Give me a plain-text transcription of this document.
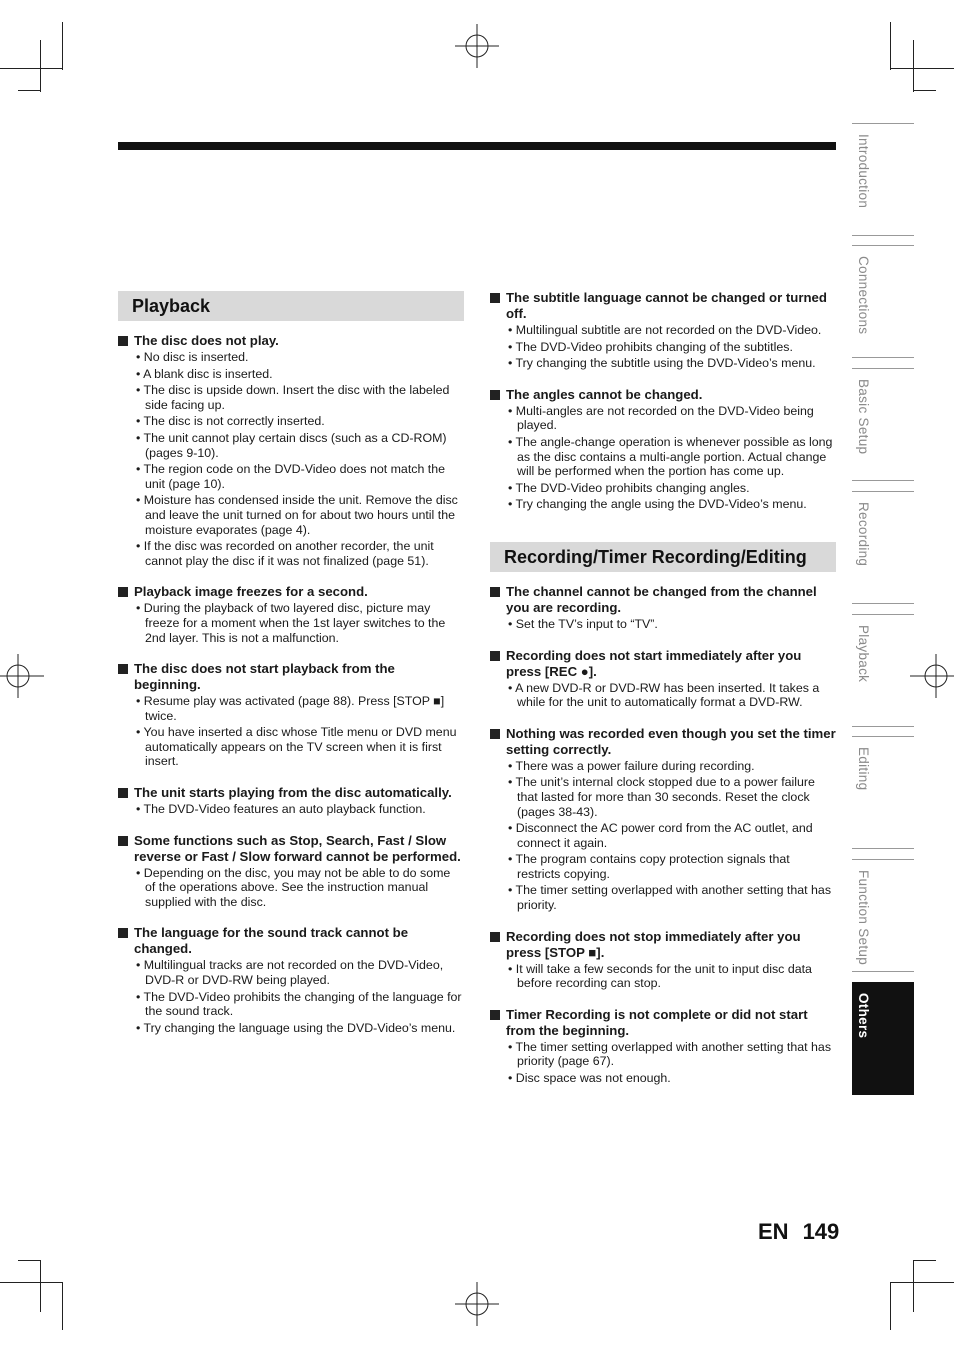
Playback
The disc does not play.
• No disc is inserted.
• A blank disc is inserted.
• The disc is upside down. Insert the disc with the labeled side facing up.
• The disc is not correctly inserted.
• The unit cannot play certain discs (such as a CD-ROM) (pages 9-10).
• The region code on the DVD-Video does not match the unit (page 10).
• Moisture has condensed inside the unit. Remove the disc and leave the unit turned on for about two hours until the moisture evaporates (page 4).
• If the disc was recorded on another recorder, the unit cannot play the disc if it was not finalized (page 51).
Playback image freezes for a second.
• During the playback of two layered disc, picture may freeze for a moment when the 1st layer switches to the 2nd layer. This is not a malfunction.
The disc does not start playback from the beginning.
• Resume play was activated (page 88). Press [STOP ■] twice.
• You have inserted a disc whose Title menu or DVD menu automatically appears on the TV screen when it is first insert.
The unit starts playing from the disc automatically.
• The DVD-Video features an auto playback function.
Some functions such as Stop, Search, Fast / Slow reverse or Fast / Slow forward cannot be performed.
• Depending on the disc, you may not be able to do some of the operations above. See the instruction manual supplied with the disc.
The language for the sound track cannot be changed.
• Multilingual tracks are not recorded on the DVD-Video, DVD-R or DVD-RW being played.
• The DVD-Video prohibits the changing of the language for the sound track.
• Try changing the language using the DVD-Video’s menu.
The subtitle language cannot be changed or turned off.
• Multilingual subtitle are not recorded on the DVD-Video.
• The DVD-Video prohibits changing of the subtitles.
• Try changing the subtitle using the DVD-Video’s menu.
The angles cannot be changed.
• Multi-angles are not recorded on the DVD-Video being played.
• The angle-change operation is whenever possible as long as the disc contains a multi-angle portion. Actual change will be performed when the portion has come up.
• The DVD-Video prohibits changing angles.
• Try changing the angle using the DVD-Video’s menu.
Recording/Timer Recording/Editing
The channel cannot be changed from the channel you are recording.
• Set the TV’s input to “TV”.
Recording does not start immediately after you press [REC ●].
• A new DVD-R or DVD-RW has been inserted. It takes a while for the unit to automatically format a DVD-RW.
Nothing was recorded even though you set the timer setting correctly.
• There was a power failure during recording.
• The unit’s internal clock stopped due to a power failure that lasted for more than 30 seconds. Reset the clock (pages 38-43).
• Disconnect the AC power cord from the AC outlet, and connect it again.
• The program contains copy protection signals that restricts copying.
• The timer setting overlapped with another setting that has priority.
Recording does not stop immediately after you press [STOP ■].
• It will take a few seconds for the unit to input disc data before recording can stop.
Timer Recording is not complete or did not start from the beginning.
• The timer setting overlapped with another setting that has priority (page 67).
• Disc space was not enough.
Introduction
Connections
Basic Setup
Recording
Playback
Editing
Function Setup
Others
EN 149
